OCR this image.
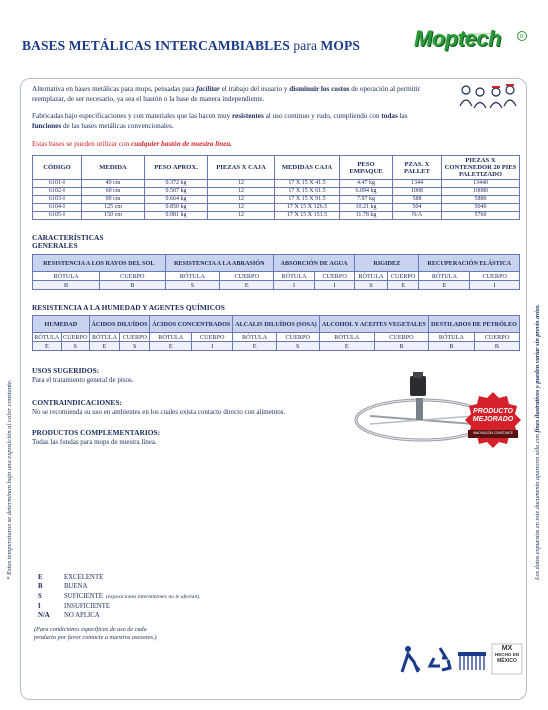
BASES METÁLICAS INTERCAMBIABLES para MOPS
R
Moptech
Alternativa en bases metálicas para mops, pensadas para facilitar el trabajo del usuario y disminuir los costos de operación al permitir reemplazar, de ser necesario, ya sea el bastón o la base de manera independiente.
Fabricadas bajo especificaciones y con materiales que las hacen muy resistentes al uso continuo y rudo, cumpliendo con todas las funciones de las bases metálicas convencionales.
Estas bases se pueden utilizar con cualquier bastón de nuestra línea.
CÓDIGO	MEDIDA	PESO APROX.	PIEZAS X CAJA	MEDIDAS CAJA	PESO EMPAQUE	PZAS. X PALLET	PIEZAS X CONTENEDOR 20 PIES PALETIZADO
6101-I	40 cm	0.372 kg	12	17 X 15 X 41.5	4.47 kg	1344	13440
6102-I	60 cm	0.507 kg	12	17 X 15 X 61.5	6.094 kg	1008	10080
6103-I	90 cm	0.664 kg	12	17 X 15 X 91.5	7.97 kg	588	5880
6104-I	125 cm	0.850 kg	12	17 X 15 X 126.5	10.21 kg	504	5040
6105-I	150 cm	0.981 kg	12	17 X 15 X 151.5	11.78 kg	N/A	5760
CARACTERÍSTICAS
GENERALES
RESISTENCIA A LOS RAYOS DEL SOL		RESISTENCIA A LA ABRASIÓN		ABSORCIÓN DE AGUA		RIGIDEZ		RECUPERACIÓN ELÁSTICA	
RÓTULA	CUERPO	RÓTULA	CUERPO	RÓTULA	CUERPO	RÓTULA	CUERPO	RÓTULA	CUERPO
B	B	S	E	I	I	S	E	E	I
RESISTENCIA A LA HUMEDAD Y AGENTES QUÍMICOS
HUMEDAD		ÁCIDOS DILUÍDOS		ÁCIDOS CONCENTRADOS		ALCALIS DILUÍDOS (SOSA)		ALCOHOL Y ACEITES VEGETALES		DESTILADOS DE PETRÓLEO	
RÓTULA	CUERPO	RÓTULA	CUERPO	RÓTULA	CUERPO	RÓTULA	CUERPO	RÓTULA	CUERPO	RÓTULA	CUERPO
E	S	E	S	E	I	E	S	E	B	B	B
USOS SUGERIDOS:
Para el tratamiento general de pisos.
CONTRAINDICACIONES:
No se recomienda su uso en ambientes en los cuales exista contacto directo con alimentos.
PRODUCTOS COMPLEMENTARIOS:
Todas las fundas para mops de nuestra línea.
PRODUCTO
MEJORADO
INNOVACIÓN CONSTANTE
* Estas temperaturas se determinan bajo una exposición al calor constante.	Los datos expuestos en este documento aparecen sólo con fines ilustrativos y pueden variar sin previo aviso.
E	EXCELENTE
B	BUENA
S	SUFICIENTE (exposiciones intermitentes no le afectan).
I	INSUFICIENTE
N/A NO APLICA
(Para condiciones específicas de uso de cada
producto por favor contacte a nuestros asesores.)
MX
HECHO EN
MÉXICO
